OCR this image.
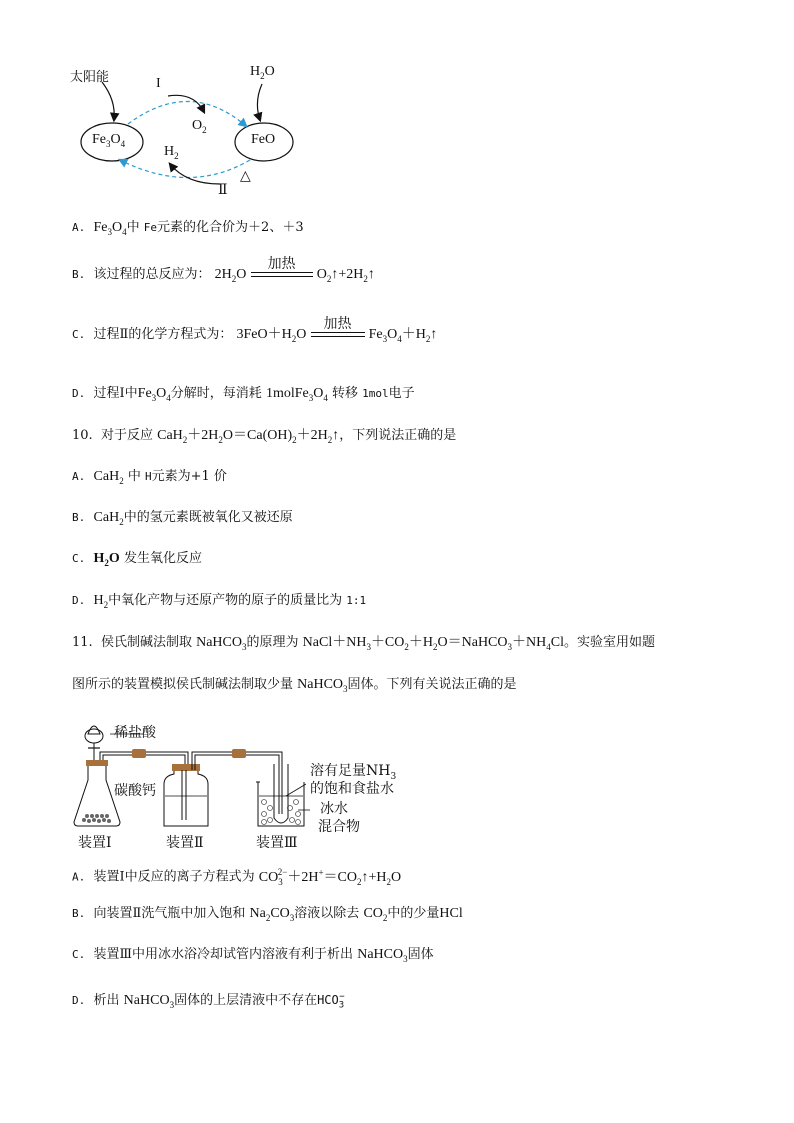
太阳能	$H_2O$
$Fe_3O_4$	FeO
I
$O_2$
$H_2$
Ⅱ
△
A. $Fe_3O_4$中 Fe元素的化合价为＋2、＋3
B. 该过程的总反应为： $2H_2O$
加热
$O_2↑+2H_2↑$
C. 过程Ⅱ的化学方程式为： $3FeO+H_2O$
加热
$Fe_3O_4+H_2↑$
D. 过程Ⅰ中$Fe_3O_4$分解时，每消耗 $1molFe_3O_4$ 转移 1mol电子
10. 对于反应 $CaH_2+2H_2O=Ca(OH)_2+2H_2↑$，下列说法正确的是
A. CaH$_2$ 中 H元素为+1 价
B. CaH$_2$中的氢元素既被氧化又被还原
C. $H_2O$ 发生氧化反应
D. $H_2$中氧化产物与还原产物的原子的质量比为 1:1
11. 侯氏制碱法制取 NaHCO$_3$的原理为 $NaCl+NH_3+CO_2+H_2O=NaHCO_3+NH_4Cl$。实验室用如题
图所示的装置模拟侯氏制碱法制取少量 NaHCO$_3$固体。下列有关说法正确的是
稀盐酸
碳酸钙
溶有足量$NH_3$
的饱和食盐水
冰水
混合物
装置Ⅰ	装置Ⅱ	装置Ⅲ
A. 装置Ⅰ中反应的离子方程式为 $CO_3^{2-}+2H^+=CO_2↑+H_2O$
B. 向装置Ⅱ洗气瓶中加入饱和 $Na_2CO_3$溶液以除去 $CO_2$中的少量HCl
C. 装置Ⅲ中用冰水浴冷却试管内溶液有利于析出 NaHCO$_3$固体
D. 析出 NaHCO$_3$固体的上层清液中不存在$HCO_3^-$
